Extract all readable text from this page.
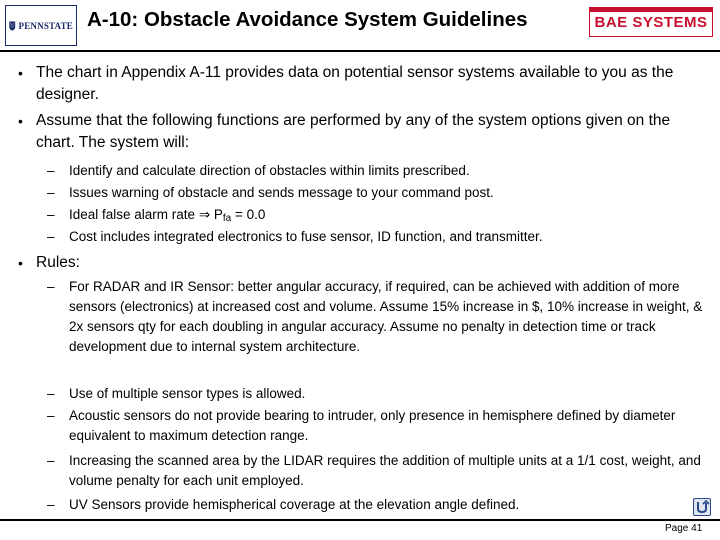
PENNSTATE A-10: Obstacle Avoidance System Guidelines	BAE SYSTEMS
• The chart in Appendix A-11 provides data on potential sensor systems available to you as the designer.
• Assume that the following functions are performed by any of the system options given on the chart. The system will:
– Identify and calculate direction of obstacles within limits prescribed.
– Issues warning of obstacle and sends message to your command post.
– Ideal false alarm rate ⇒ Pfa = 0.0
– Cost includes integrated electronics to fuse sensor, ID function, and transmitter.
• Rules:
– For RADAR and IR Sensor: better angular accuracy, if required, can be achieved with addition of more sensors (electronics) at increased cost and volume. Assume 15% increase in $, 10% increase in weight, & 2x sensors qty for each doubling in angular accuracy. Assume no penalty in detection time or track development due to internal system architecture.
– Use of multiple sensor types is allowed.
– Acoustic sensors do not provide bearing to intruder, only presence in hemisphere defined by diameter equivalent to maximum detection range.
– Increasing the scanned area by the LIDAR requires the addition of multiple units at a 1/1 cost, weight, and volume penalty for each unit employed.
– UV Sensors provide hemispherical coverage at the elevation angle defined.
Page 41
